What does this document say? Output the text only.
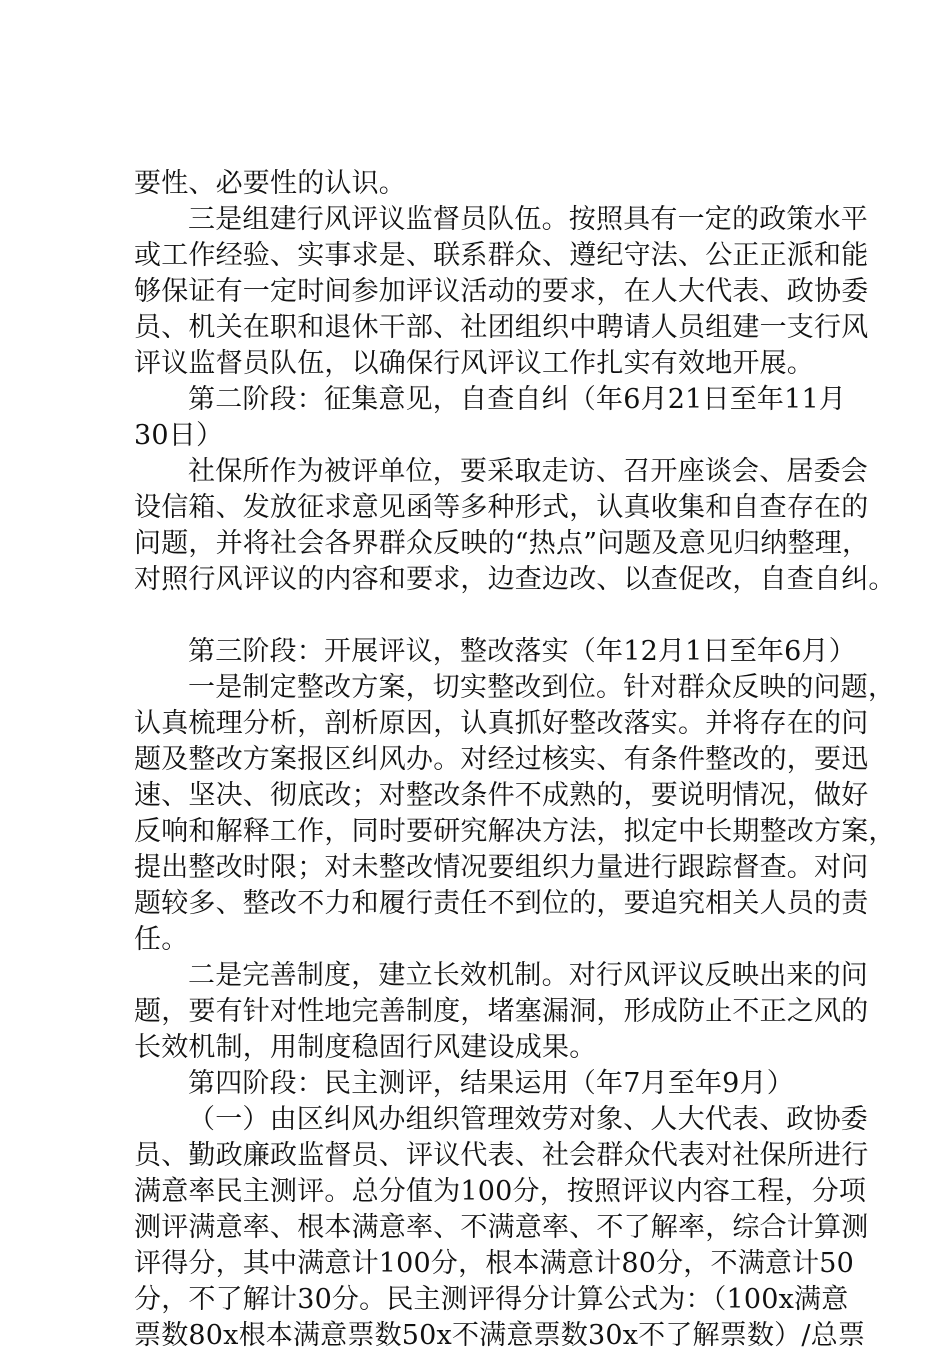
要性、必要性的认识。
三是组建行风评议监督员队伍。按照具有一定的政策水平
或工作经验、实事求是、联系群众、遵纪守法、公正正派和能
够保证有一定时间参加评议活动的要求，在人大代表、政协委
员、机关在职和退休干部、社团组织中聘请人员组建一支行风
评议监督员队伍，以确保行风评议工作扎实有效地开展。
第二阶段：征集意见，自查自纠（年6月21日至年11月
30日）
社保所作为被评单位，要采取走访、召开座谈会、居委会
设信箱、发放征求意见函等多种形式，认真收集和自查存在的
问题，并将社会各界群众反映的“热点”问题及意见归纳整理，
对照行风评议的内容和要求，边查边改、以查促改，自查自纠。
第三阶段：开展评议，整改落实（年12月1日至年6月）
一是制定整改方案，切实整改到位。针对群众反映的问题，
认真梳理分析，剖析原因，认真抓好整改落实。并将存在的问
题及整改方案报区纠风办。对经过核实、有条件整改的，要迅
速、坚决、彻底改；对整改条件不成熟的，要说明情况，做好
反响和解释工作，同时要研究解决方法，拟定中长期整改方案，
提出整改时限；对未整改情况要组织力量进行跟踪督查。对问
题较多、整改不力和履行责任不到位的，要追究相关人员的责
任。
二是完善制度，建立长效机制。对行风评议反映出来的问
题，要有针对性地完善制度，堵塞漏洞，形成防止不正之风的
长效机制，用制度稳固行风建设成果。
第四阶段：民主测评，结果运用（年7月至年9月）
（一）由区纠风办组织管理效劳对象、人大代表、政协委
员、勤政廉政监督员、评议代表、社会群众代表对社保所进行
满意率民主测评。总分值为100分，按照评议内容工程，分项
测评满意率、根本满意率、不满意率、不了解率，综合计算测
评得分，其中满意计100分，根本满意计80分，不满意计50
分，不了解计30分。民主测评得分计算公式为：（100x满意
票数80x根本满意票数50x不满意票数30x不了解票数）/总票
